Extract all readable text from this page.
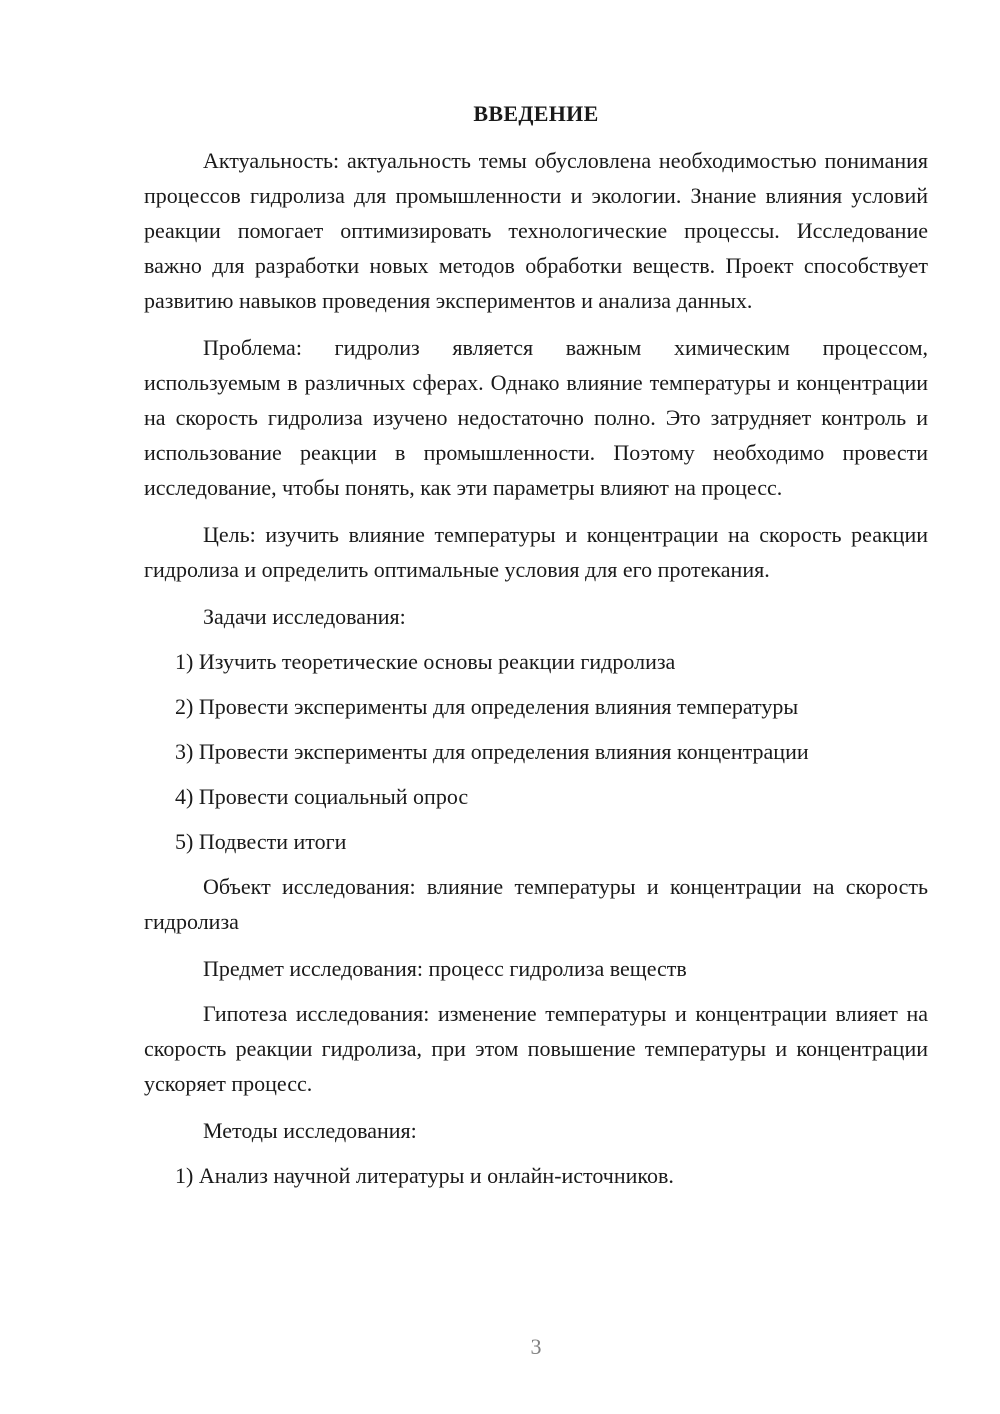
ВВЕДЕНИЕ

Актуальность: актуальность темы обусловлена необходимостью понимания процессов гидролиза для промышленности и экологии. Знание влияния условий реакции помогает оптимизировать технологические процессы. Исследование важно для разработки новых методов обработки веществ. Проект способствует развитию навыков проведения экспериментов и анализа данных.

Проблема: гидролиз является важным химическим процессом, используемым в различных сферах. Однако влияние температуры и концентрации на скорость гидролиза изучено недостаточно полно. Это затрудняет контроль и использование реакции в промышленности. Поэтому необходимо провести исследование, чтобы понять, как эти параметры влияют на процесс.

Цель: изучить влияние температуры и концентрации на скорость реакции гидролиза и определить оптимальные условия для его протекания.

Задачи исследования:
1) Изучить теоретические основы реакции гидролиза
2) Провести эксперименты для определения влияния температуры
3) Провести эксперименты для определения влияния концентрации
4) Провести социальный опрос
5) Подвести итоги

Объект исследования: влияние температуры и концентрации на скорость гидролиза

Предмет исследования: процесс гидролиза веществ

Гипотеза исследования: изменение температуры и концентрации влияет на скорость реакции гидролиза, при этом повышение температуры и концентрации ускоряет процесс.

Методы исследования:
1) Анализ научной литературы и онлайн-источников.
3
